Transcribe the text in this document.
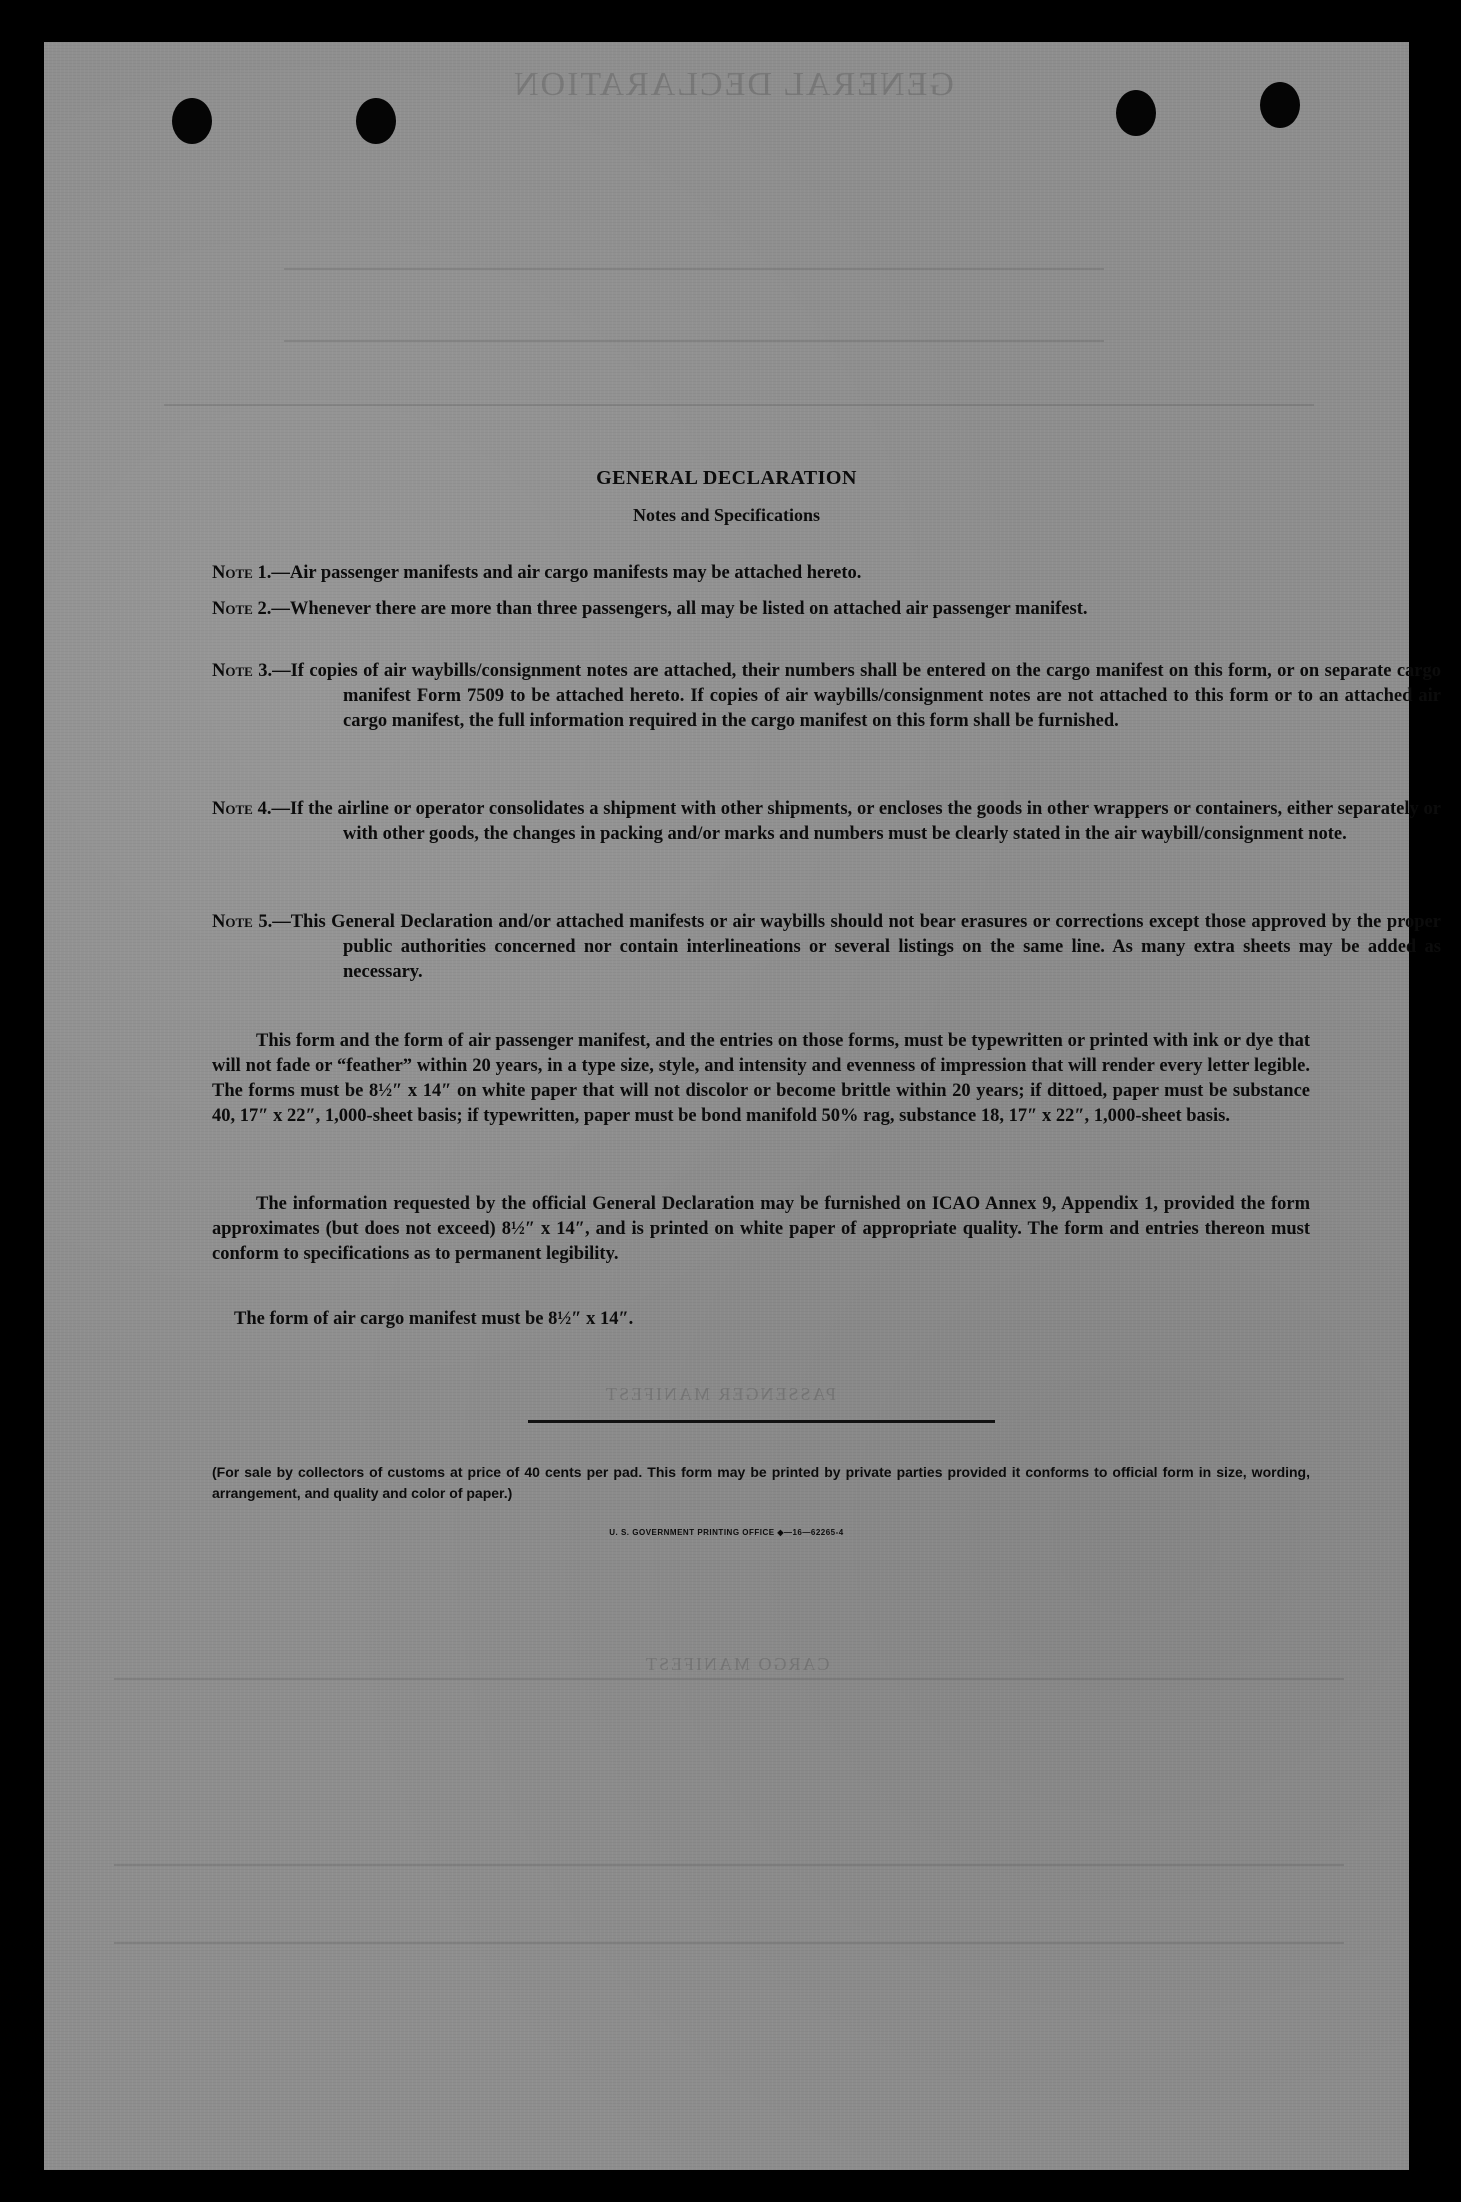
GENERAL DECLARATION
PASSENGER MANIFEST
CARGO MANIFEST
GENERAL DECLARATION
Notes and Specifications
Note 1.—Air passenger manifests and air cargo manifests may be attached hereto.
Note 2.—Whenever there are more than three passengers, all may be listed on attached air passenger manifest.
Note 3.—If copies of air waybills/consignment notes are attached, their numbers shall be entered on the cargo manifest on this form, or on separate cargo manifest Form 7509 to be attached hereto. If copies of air waybills/consignment notes are not attached to this form or to an attached air cargo manifest, the full information required in the cargo manifest on this form shall be furnished.
Note 4.—If the airline or operator consolidates a shipment with other shipments, or encloses the goods in other wrappers or containers, either separately or with other goods, the changes in packing and/or marks and numbers must be clearly stated in the air waybill/consignment note.
Note 5.—This General Declaration and/or attached manifests or air waybills should not bear erasures or corrections except those approved by the proper public authorities concerned nor contain interlineations or several listings on the same line. As many extra sheets may be added as necessary.
This form and the form of air passenger manifest, and the entries on those forms, must be typewritten or printed with ink or dye that will not fade or “feather” within 20 years, in a type size, style, and intensity and evenness of impression that will render every letter legible. The forms must be 8½″ x 14″ on white paper that will not discolor or become brittle within 20 years; if dittoed, paper must be substance 40, 17″ x 22″, 1,000-sheet basis; if typewritten, paper must be bond manifold 50% rag, substance 18, 17″ x 22″, 1,000-sheet basis.
The information requested by the official General Declaration may be furnished on ICAO Annex 9, Appendix 1, provided the form approximates (but does not exceed) 8½″ x 14″, and is printed on white paper of appropriate quality. The form and entries thereon must conform to specifications as to permanent legibility.
The form of air cargo manifest must be 8½″ x 14″.
(For sale by collectors of customs at price of 40 cents per pad. This form may be printed by private parties provided it conforms to official form in size, wording, arrangement, and quality and color of paper.)
U. S. GOVERNMENT PRINTING OFFICE ◆—16—62265-4
